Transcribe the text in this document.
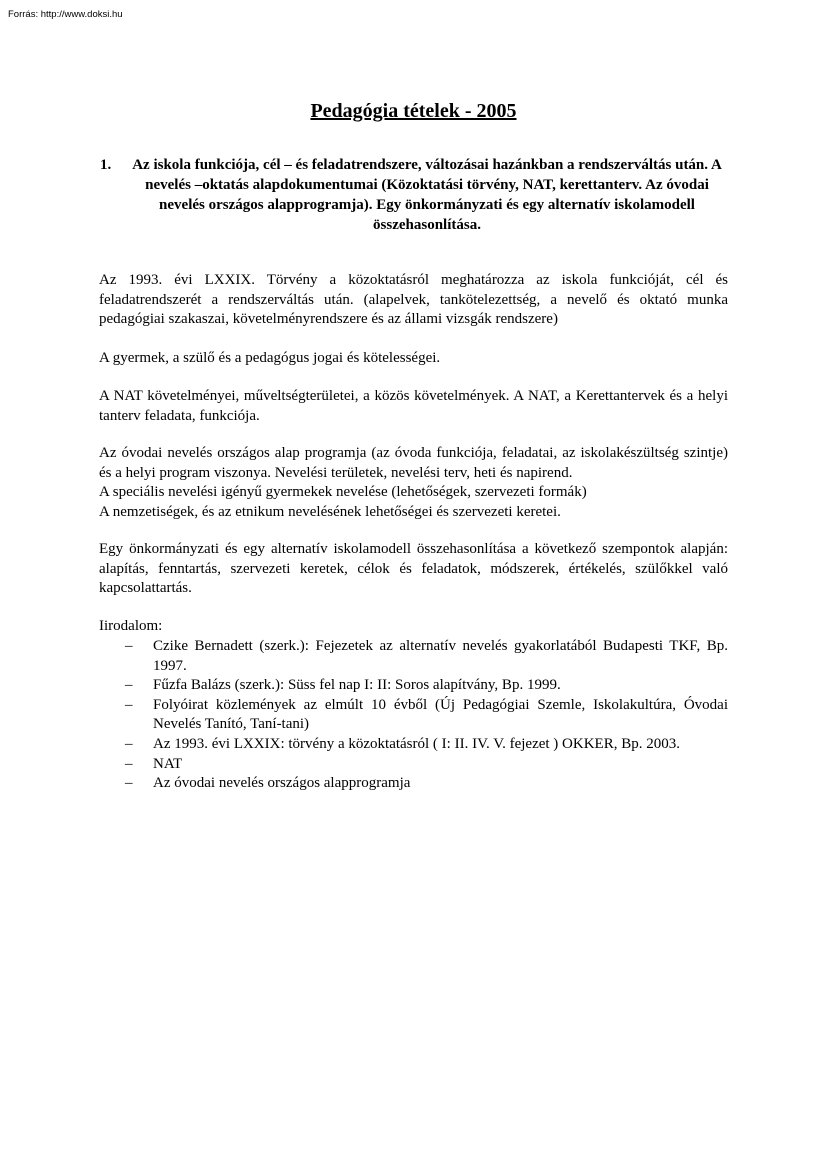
Forrás: http://www.doksi.hu
Pedagógia tételek - 2005
1.	Az iskola funkciója, cél – és feladatrendszere, változásai hazánkban a rendszerváltás után. A nevelés –oktatás alapdokumentumai (Közoktatási törvény, NAT, kerettanterv. Az óvodai nevelés országos alapprogramja). Egy önkormányzati és egy alternatív iskolamodell összehasonlítása.

Az 1993. évi LXXIX. Törvény a közoktatásról meghatározza az iskola funkcióját, cél és feladatrendszerét a rendszerváltás után. (alapelvek, tankötelezettség, a nevelő és oktató munka pedagógiai szakaszai, követelményrendszere és az állami vizsgák rendszere)

A gyermek, a szülő és a pedagógus jogai és kötelességei.

A NAT követelményei, műveltségterületei, a közös követelmények. A NAT, a Kerettantervek és a helyi tanterv feladata, funkciója.

Az óvodai nevelés országos alap programja (az óvoda funkciója, feladatai, az iskolakészültség szintje) és a helyi program viszonya. Nevelési területek, nevelési terv, heti és napirend.

A speciális nevelési igényű gyermekek nevelése (lehetőségek, szervezeti formák)

A nemzetiségek, és az etnikum nevelésének lehetőségei és szervezeti keretei.

Egy önkormányzati és egy alternatív iskolamodell összehasonlítása a következő szempontok alapján: alapítás, fenntartás, szervezeti keretek, célok és feladatok, módszerek, értékelés, szülőkkel való kapcsolattartás.

Iirodalom:

– Czike Bernadett (szerk.): Fejezetek az alternatív nevelés gyakorlatából Budapesti TKF, Bp. 1997.
– Fűzfa Balázs (szerk.): Süss fel nap I: II: Soros alapítvány, Bp. 1999.
– Folyóirat közlemények az elmúlt 10 évből (Új Pedagógiai Szemle, Iskolakultúra, Óvodai Nevelés Tanító, Taní-tani)
– Az 1993. évi LXXIX: törvény a közoktatásról ( I: II. IV. V. fejezet ) OKKER, Bp. 2003.
– NAT
– Az óvodai nevelés országos alapprogramja
